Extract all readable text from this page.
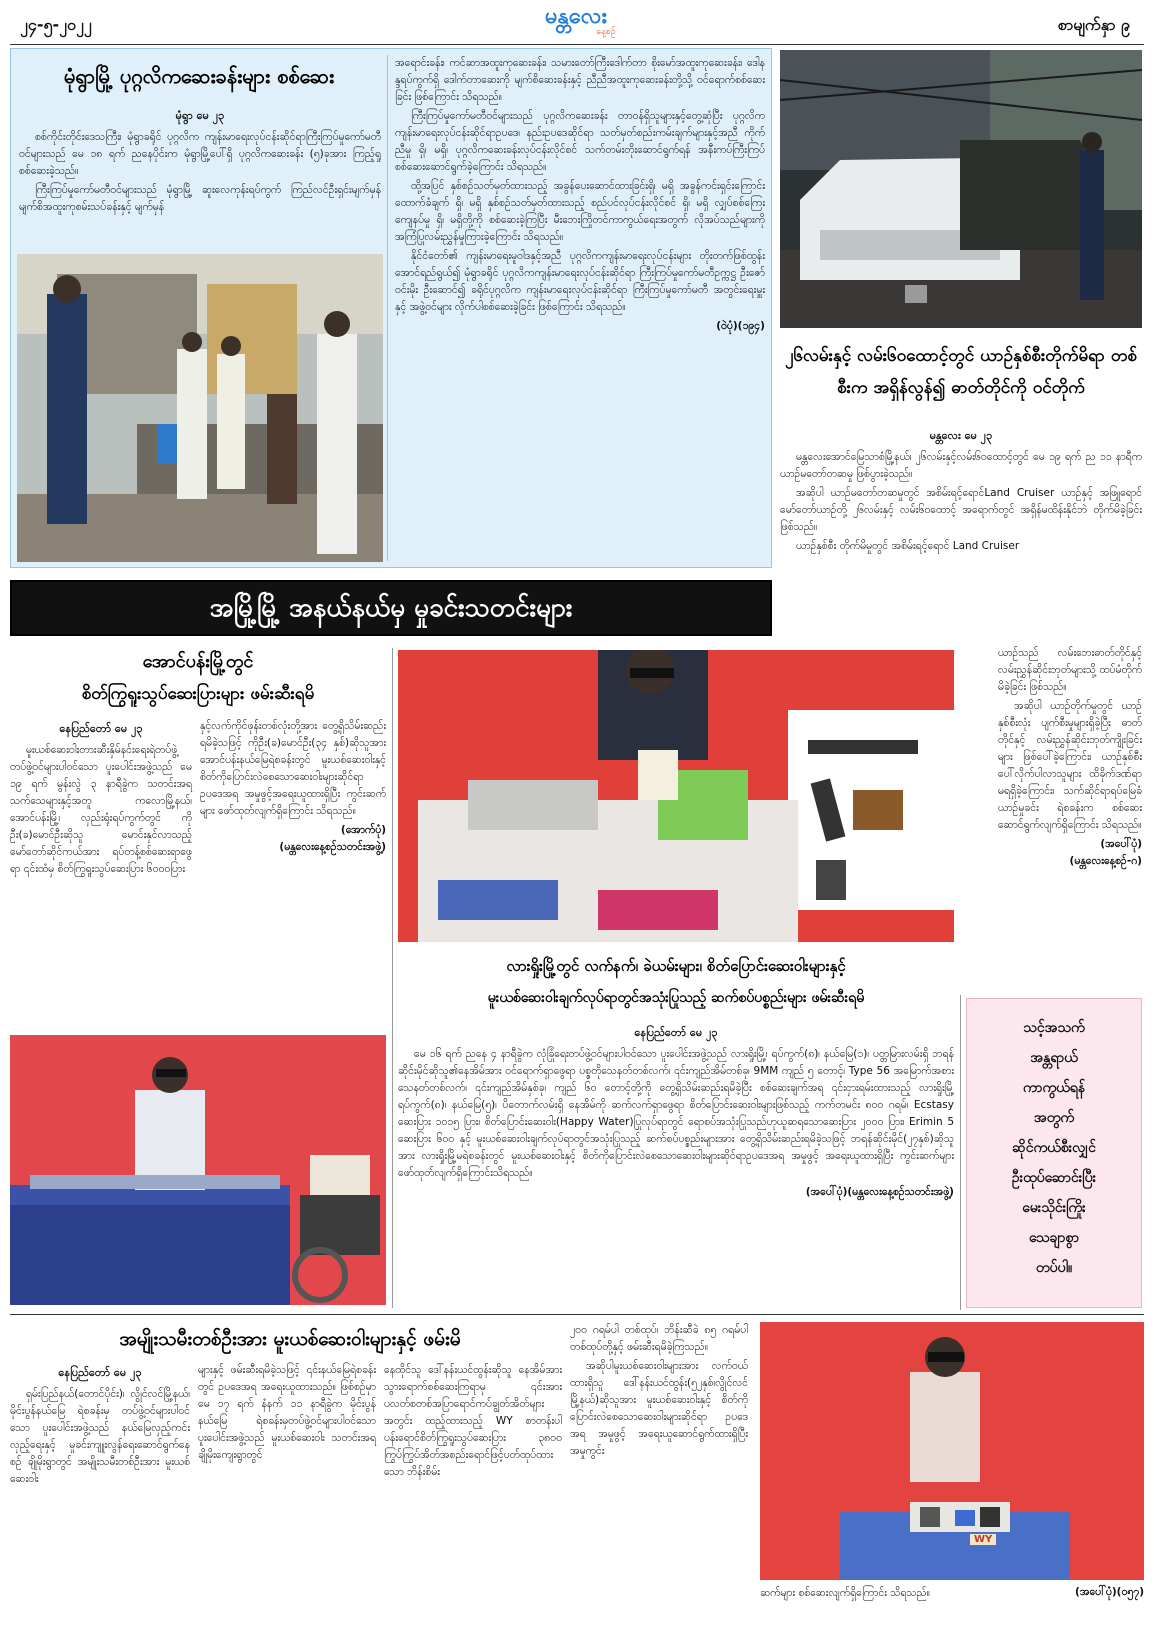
၂၄-၅-၂၀၂၂	မန္တလေး
နေ့စဉ်	စာမျက်နှာ ၉
မုံရွာမြို့ ပုဂ္ဂလိကဆေးခန်းများ စစ်ဆေး
မုံရွာ မေ ၂၃

စစ်ကိုင်းတိုင်းဒေသကြီး၊ မုံရွာခရိုင် ပုဂ္ဂလိက ကျန်းမာရေးလုပ်ငန်းဆိုင်ရာကြီးကြပ်မှုကော်မတီဝင်များသည် မေ ၁၈ ရက် ညနေပိုင်းက မုံရွာမြို့ပေါ်ရှိ ပုဂ္ဂလိကဆေးခန်း (၅)ခုအား ကြည့်ရှုစစ်ဆေးခဲ့သည်။

ကြီးကြပ်မှုကော်မတီဝင်များသည် မုံရွာမြို့ ဆူးလေကုန်းရပ်ကွက် ကြည်လင်ဦးရှင်းမျက်မှန် မျက်စိအထူးကုစမ်းသပ်ခန်းနှင့် မျက်မှန်

အရောင်းခန်း၊ ကင်ဆာအထူးကုဆေးခန်း၊ သမားတော်ကြီးဒေါက်တာ စိုးမော်အထူးကုဆေးခန်း၊ ဒေါနန္ဒရပ်ကွက်ရှိ ဒေါက်တာဆေးကို မျက်စိဆေးခန်းနှင့် ညီညီအထူးကုဆေးခန်းတို့သို့ ဝင်ရောက်စစ်ဆေးခြင်း ဖြစ်ကြောင်း သိရသည်။

ကြီးကြပ်မှုကော်မတီဝင်များသည် ပုဂ္ဂလိကဆေးခန်း တာဝန်ရှိသူများနှင့်တွေ့ဆုံပြီး ပုဂ္ဂလိကကျန်းမာရေးလုပ်ငန်းဆိုင်ရာဥပဒေ၊ နည်းဥပဒေဆိုင်ရာ သတ်မှတ်စည်းကမ်းချက်များနှင့်အညီ ကိုက်ညီမှု ရှိ၊ မရှိ၊ ပုဂ္ဂလိကဆေးခန်းလုပ်ငန်းလိုင်စင် သက်တမ်းတိုးဆောင်ရွက်ရန် အနီးကပ်ကြီးကြပ်စစ်ဆေးဆောင်ရွက်ခဲ့ကြောင်း သိရသည်။

ထို့အပြင် နှစ်စဉ်သတ်မှတ်ထားသည့် အခွန်ပေးဆောင်ထားခြင်းရှိ၊ မရှိ အခွန်ကင်းရှင်းကြောင်းထောက်ခံချက် ရှိ၊ မရှိ နှစ်စဉ်သတ်မှတ်ထားသည့် စည်ပင်လုပ်ငန်းလိုင်စင် ရှိ၊ မရှိ လျှပ်စစ်ကြေးကျေနပ်မှု ရှိ၊ မရှိတို့ကို စစ်ဆေးခဲ့ကြပြီး မီးဘေးကြိုတင်ကာကွယ်ရေးအတွက် လိုအပ်သည်များကို အကြံပြုလမ်းညွှန်မှုကြားခဲ့ကြောင်း သိရသည်။

နိုင်ငံတော်၏ ကျန်းမာရေးမူဝါဒနှင့်အညီ ပုဂ္ဂလိကကျန်းမာရေးလုပ်ငန်းများ တိုးတက်ဖြစ်ထွန်းအောင်ရည်ရွယ်၍ မုံရွာခရိုင် ပုဂ္ဂလိကကျန်းမာရေးလုပ်ငန်းဆိုင်ရာ ကြီးကြပ်မှုကော်မတီဥက္ကဋ္ဌ ဦးဇော်ဝင်းမိုး ဦးဆောင်၍ ခရိုင်ပုဂ္ဂလိက ကျန်းမာရေးလုပ်ငန်းဆိုင်ရာ ကြီးကြပ်မှုကော်မတီ အတွင်းရေးမှူးနှင့် အဖွဲ့ဝင်များ လိုက်ပါစစ်ဆေးခဲ့ခြင်း ဖြစ်ကြောင်း သိရသည်။

(ဝဲပုံ)(၁၉၄)
၂၆လမ်းနှင့် လမ်း၆၀ထောင့်တွင် ယာဉ်နှစ်စီးတိုက်မိရာ တစ်စီးက အရှိန်လွန်၍ ဓာတ်တိုင်ကို ဝင်တိုက်
မန္တလေး မေ ၂၃

မန္တလေးအောင်မြေသာစံမြို့နယ်၊ ၂၆လမ်းနှင့်လမ်း၆၀ထောင့်တွင် မေ ၁၉ ရက် ည ၁၁ နာရီက ယာဉ်မတော်တဆမှု ဖြစ်ပွားခဲ့သည်။

အဆိုပါ ယာဉ်မတော်တဆမှုတွင် အစိမ်းရင့်ရောင်Land Cruiser ယာဉ်နှင့် အဖြူရောင်မော်တော်ယာဉ်တို့ ၂၆လမ်းနှင့် လမ်း၆၀ထောင့် အရောက်တွင် အရှိန်မထိန်းနိုင်ဘဲ တိုက်မိခဲ့ခြင်းဖြစ်သည်။

ယာဉ်နှစ်စီး တိုက်မိမှုတွင် အစိမ်းရင့်ရောင် Land Cruiser

ယာဉ်သည် လမ်းဘေးဓာတ်တိုင်နှင့် လမ်းညွှန်ဆိုင်းဘုတ်များသို့ ထပ်မံတိုက်မိခဲ့ခြင်း ဖြစ်သည်။

အဆိုပါ ယာဉ်တိုက်မှုတွင် ယာဉ်နှစ်စီးလုံး ပျက်စီးမှုများရှိခဲ့ပြီး ဓာတ်တိုင်နှင့် လမ်းညွှန်ဆိုင်းဘုတ်ကျိုးခြင်းများ ဖြစ်ပေါ်ခဲ့ကြောင်း၊ ယာဉ်နှစ်စီးပေါ်လိုက်ပါလာသူများ ထိခိုက်ဒဏ်ရာမရရှိခဲ့ကြောင်း၊ သက်ဆိုင်ရာရပ်မြေခံ ယာဉ်မှုခင်း ရဲစခန်းက စစ်ဆေးဆောင်ရွက်လျက်ရှိကြောင်း သိရသည်။

(အပေါ်ပုံ)
(မန္တလေးနေ့စဉ်-ဂ)
အမြို့မြို့ အနယ်နယ်မှ မှုခင်းသတင်းများ
အောင်ပန်းမြို့တွင်
စိတ်ကြွရူးသွပ်ဆေးပြားများ ဖမ်းဆီးရမိ
နေပြည်တော် မေ ၂၃

မူးယစ်ဆေးဝါးတားဆီးနှိမ်နင်းရေးရဲတပ်ဖွဲ့ တပ်ဖွဲ့ဝင်များပါဝင်သော ပူးပေါင်းအဖွဲ့သည် မေ ၁၉ ရက် မွန်းလွဲ ၃ နာရီခွဲက သတင်းအရ သက်သေများနှင့်အတူ ကလောမြို့နယ်၊ အောင်ပန်းမြို့၊ လှည်းရုံးရပ်ကွက်တွင် ကိုဦး(ခ)မောင်ဦးဆိုသူ မောင်းနှင်လာသည့် မော်တော်ဆိုင်ကယ်အား ရပ်တန့်စစ်ဆေးရာဖွေရာ ၎င်းထံမှ စိတ်ကြွရူးသွပ်ဆေးပြား ၆၀၀၀ပြား

နှင့်လက်ကိုင်ဖုန်းတစ်လုံးတို့အား တွေ့ရှိသိမ်းဆည်းရမိခဲ့သဖြင့် ကိုဦး(ခ)မောင်ဦး(၃၄ နှစ်)ဆိုသူအား အောင်ပန်းနယ်မြေရဲစခန်းတွင် မူးယစ်ဆေးဝါးနှင့် စိတ်ကိုပြောင်းလဲစေသောဆေးဝါးများဆိုင်ရာ ဥပဒေအရ အမှုဖွင့်အရေးယူထားရှိပြီး ကွင်းဆက်များ ဖော်ထုတ်လျက်ရှိကြောင်း သိရသည်။

(အောက်ပုံ)
(မန္တလေးနေ့စဉ်သတင်းအဖွဲ့)
လားရှိုးမြို့တွင် လက်နက်၊ ခဲယမ်းများ၊ စိတ်ပြောင်းဆေးဝါးများနှင့်
မူးယစ်ဆေးဝါးချက်လုပ်ရာတွင်အသုံးပြုသည့် ဆက်စပ်ပစ္စည်းများ ဖမ်းဆီးရမိ
နေပြည်တော် မေ ၂၃

မေ ၁၆ ရက် ညနေ ၄ နာရီခွဲက လုံခြုံရေးတပ်ဖွဲ့ဝင်များပါဝင်သော ပူးပေါင်းအဖွဲ့သည် လားရှိုးမြို့၊ ရပ်ကွက်(၈)၊ နယ်မြေ(၁)၊ ပတ္တမြားလမ်းရှိ ဘရန်ဆိုင်းမိုင်ဆိုသူ၏နေအိမ်အား ဝင်ရောက်ရှာဖွေရာ ပစ္စတိုသေနတ်တစ်လက်၊ ၎င်းကျည်အိမ်တစ်ခု၊ 9MM ကျည် ၅ တောင့်၊ Type 56 အမြောက်အစားသေနတ်တစ်လက်၊ ၎င်းကျည်အိမ်နှစ်ခု၊ ကျည် ၆၀ တောင့်တို့ကို တွေ့ရှိသိမ်းဆည်းရမိခဲ့ပြီး စစ်ဆေးချက်အရ ၎င်းငှားရမ်းထားသည့် လားရှိုးမြို့ ရပ်ကွက်(၈)၊ နယ်မြေ(၅)၊ ပိတောက်လမ်းရှိ နေအိမ်ကို ဆက်လက်ရှာဖွေရာ စိတ်ပြောင်းဆေးဝါးများဖြစ်သည့် ကက်တမင်း ၈၀၀ ဂရမ်၊ Ecstasy ဆေးပြား ၁၀၁၅ ပြား၊ စိတ်ပြောင်းဆေးဝါး(Happy Water)ပြုလုပ်ရာတွင် ရောစပ်အသုံးပြုသည်ဟုယူဆရသောဆေးပြား ၂၀၀၀ ပြား၊ Erimin 5 ဆေးပြား ၆၀၀ နှင့် မူးယစ်ဆေးဝါးချက်လုပ်ရာတွင်အသုံးပြုသည့် ဆက်စပ်ပစ္စည်းများအား တွေ့ရှိသိမ်းဆည်းရမိခဲ့သဖြင့် ဘရန်ဆိုင်းမိုင်(၂၇နှစ်)ဆိုသူအား လားရှိုးမြို့မရဲစခန်းတွင် မူးယစ်ဆေးဝါးနှင့် စိတ်ကိုပြောင်းလဲစေသောဆေးဝါးများဆိုင်ရာဥပဒေအရ အမှုဖွင့် အရေးယူထားရှိပြီး ကွင်းဆက်များဖော်ထုတ်လျက်ရှိကြောင်းသိရသည်။

(အပေါ်ပုံ)(မန္တလေးနေ့စဉ်သတင်းအဖွဲ့)
သင့်အသက်
အန္တရာယ်
ကာကွယ်ရန်
အတွက်
ဆိုင်ကယ်စီးလျှင်
ဦးထုပ်ဆောင်းပြီး
မေးသိုင်းကြိုး
သေချာစွာ
တပ်ပါ။
အမျိုးသမီးတစ်ဦးအား မူးယစ်ဆေးဝါးများနှင့် ဖမ်းမိ
နေပြည်တော် မေ ၂၃

ရှမ်းပြည်နယ်(တောင်ပိုင်း)၊ လွိုင်လင်မြို့နယ်၊ မိုင်းပွန်နယ်မြေ ရဲစခန်းမှ တပ်ဖွဲ့ဝင်များပါဝင်သော ပူးပေါင်းအဖွဲ့သည် နယ်မြေလှည့်ကင်းလှည့်ရေးနှင့် မှုခင်းကျူးလွန်ရေးဆောင်ရွက်နေစဉ် ချိုမိုးရွာတွင် အမျိုးသမီးတစ်ဦးအား မူးယစ်ဆေးဝါး

များနှင့် ဖမ်းဆီးရမိခဲ့သဖြင့် ၎င်းနယ်မြေရဲစခန်းတွင် ဥပဒေအရ အရေးယူထားသည်။ ဖြစ်စဉ်မှာ မေ ၁၇ ရက် နံနက် ၁၁ နာရီခွဲက မိုင်းပွန်နယ်မြေ ရဲစခန်းမှတပ်ဖွဲ့ဝင်များပါဝင်သော ပူးပေါင်းအဖွဲ့သည် မူးယစ်ဆေးဝါး သတင်းအရ ချိုမိုးကျေးရွာတွင်

နေထိုင်သူ ဒေါ်နန်းယင်ထွန်းဆိုသူ နေအိမ်အား သွားရောက်စစ်ဆေးကြရာမှ ၎င်းအား ပလတ်စတစ်အပြာရောင်ကပ်ချွတ်အိတ်များအတွင်း ထည့်ထားသည့် WY စာတန်းပါ ပန်းရောင်စိတ်ကြွရူးသွပ်ဆေးပြား ၃၈၀၀ ကြွပ်ကြွပ်အိတ်အစည်းရောင်ဖြင့်ပတ်ထုပ်ထားသော ဘိန်းစိမ်း

၂၀၀ ဂရမ်ပါ တစ်ထုပ်၊ ဘိန်းဆီခဲ ၈၅ ဂရမ်ပါ တစ်ထုပ်တို့နှင့် ဖမ်းဆီးရမိခဲ့ကြသည်။

အဆိုပါမူးယစ်ဆေးဝါးများအား လက်ဝယ်ထားရှိသူ ဒေါ်နန်းယင်ထွန်း(၅၂နှစ်၊လွိုင်လင်မြို့နယ်)ဆိုသူအား မူးယစ်ဆေးဝါးနှင့် စိတ်ကိုပြောင်းလဲစေသောဆေးဝါးများဆိုင်ရာ ဥပဒေအရ အမှုဖွင့် အရေးယူဆောင်ရွက်ထားရှိပြီး အမှုကွင်း

ဆက်များ စစ်ဆေးလျက်ရှိကြောင်း သိရသည်။	(အပေါ်ပုံ)(၀၅၇)
WY
